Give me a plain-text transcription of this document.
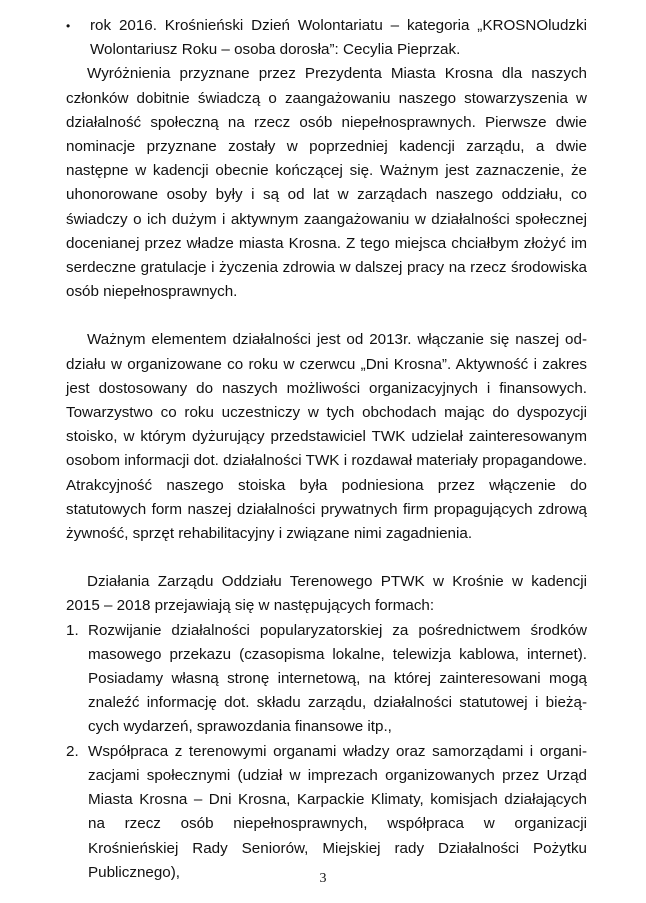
•	rok 2016. Krośnieński Dzień Wolontariatu – kategoria „KROSNOludzki Wolontariusz Roku – osoba dorosła”: Cecylia Pieprzak.

Wyróżnienia przyznane przez Prezydenta Miasta Krosna dla naszych członków dobitnie świadczą o zaangażowaniu naszego stowarzyszenia w działalność społeczną na rzecz osób niepełnosprawnych. Pierwsze dwie nominacje przyznane zostały w poprzedniej kadencji zarządu, a dwie następne w kadencji obecnie kończącej się. Ważnym jest zaznaczenie, że uhonorowane osoby były i są od lat w zarządach naszego oddziału, co świadczy o ich dużym i aktywnym zaangażowaniu w działalności społecznej docenianej przez władze miasta Krosna. Z tego miejsca chciałbym złożyć im serdeczne gratulacje i życzenia zdrowia w dalszej pracy na rzecz środowiska osób niepełnosprawnych.

Ważnym elementem działalności jest od 2013r. włączanie się naszej oddziału w organizowane co roku w czerwcu „Dni Krosna”. Aktywność i zakres jest dostosowany do naszych możliwości organizacyjnych i finansowych. Towarzystwo co roku uczestniczy w tych obchodach mając do dyspozycji stoisko, w którym dyżurujący przedstawiciel TWK udzielał zainteresowanym osobom informacji dot. działalności TWK i rozdawał materiały propagandowe. Atrakcyjność naszego stoiska była podniesiona przez włączenie do statutowych form naszej działalności prywatnych firm propagujących zdrową żywność, sprzęt rehabilitacyjny i związane nimi zagadnienia.

Działania Zarządu Oddziału Terenowego PTWK w Krośnie w kadencji 2015 – 2018 przejawiają się w następujących formach:

1. Rozwijanie działalności popularyzatorskiej za pośrednictwem środków masowego przekazu (czasopisma lokalne, telewizja kablowa, internet). Posiadamy własną stronę internetową, na której zainteresowani mogą znaleźć informację dot. składu zarządu, działalności statutowej i bieżących wydarzeń, sprawozdania finansowe itp.,
2. Współpraca z terenowymi organami władzy oraz samorządami i organizacjami społecznymi (udział w imprezach organizowanych przez Urząd Miasta Krosna – Dni Krosna, Karpackie Klimaty, komisjach działających na rzecz osób niepełnosprawnych, współpraca w organizacji Krośnieńskiej Rady Seniorów, Miejskiej rady Działalności Pożytku Publicznego),	3
